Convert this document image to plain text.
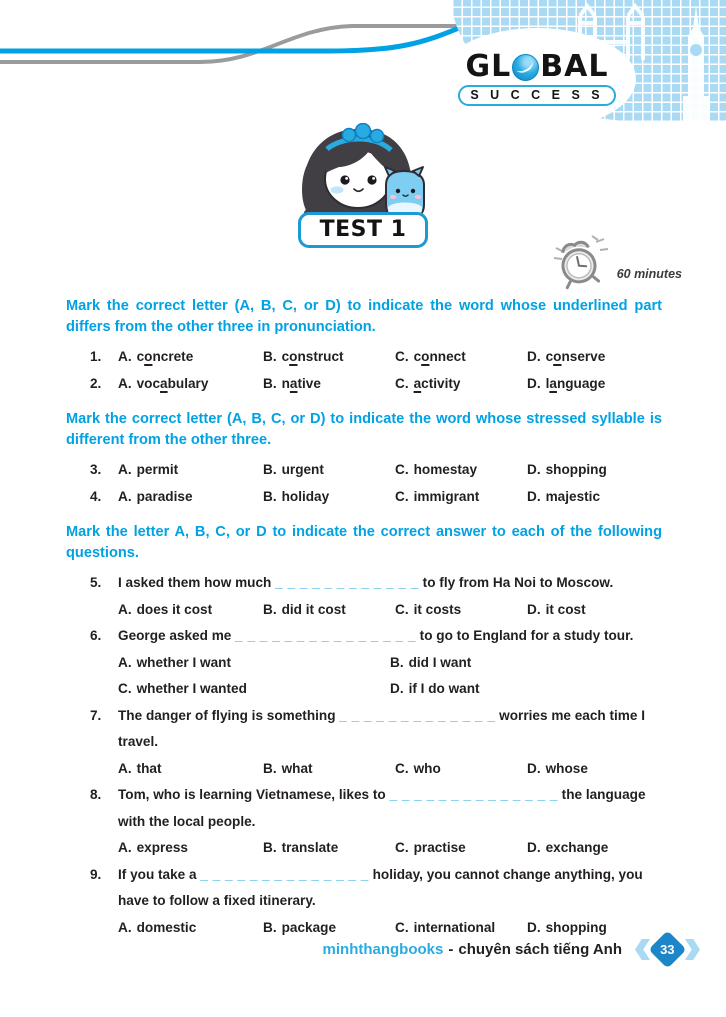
GL BAL
S U C C E S S
TEST 1
60 minutes
Mark the correct letter (A, B, C, or D) to indicate the word whose underlined part differs from the other three in pronunciation.
1.	A. concrete	B. construct	C. connect	D. conserve
2.	A. vocabulary	B. native	C. activity	D. language
Mark the correct letter (A, B, C, or D) to indicate the word whose stressed syllable is different from the other three.
3.	A. permit	B. urgent	C. homestay	D. shopping
4.	A. paradise	B. holiday	C. immigrant	D. majestic
Mark the letter A, B, C, or D to indicate the correct answer to each of the following questions.
5.	I asked them how much _ _ _ _ _ _ _ _ _ _ _ _ to fly from Ha Noi to Moscow.
A. does it cost	B. did it cost	C. it costs	D. it cost
6.	George asked me _ _ _ _ _ _ _ _ _ _ _ _ _ _ _ to go to England for a study tour.
A. whether I want	B. did I want
C. whether I wanted	D. if I do want
7.	The danger of flying is something _ _ _ _ _ _ _ _ _ _ _ _ _ worries me each time I travel.
A. that	B. what	C. who	D. whose
8.	Tom, who is learning Vietnamese, likes to _ _ _ _ _ _ _ _ _ _ _ _ _ _ the language with the local people.
A. express	B. translate	C. practise	D. exchange
9.	If you take a _ _ _ _ _ _ _ _ _ _ _ _ _ _ holiday, you cannot change anything, you have to follow a fixed itinerary.
A. domestic	B. package	C. international	D. shopping
minhthangbooks - chuyên sách tiếng Anh	33
